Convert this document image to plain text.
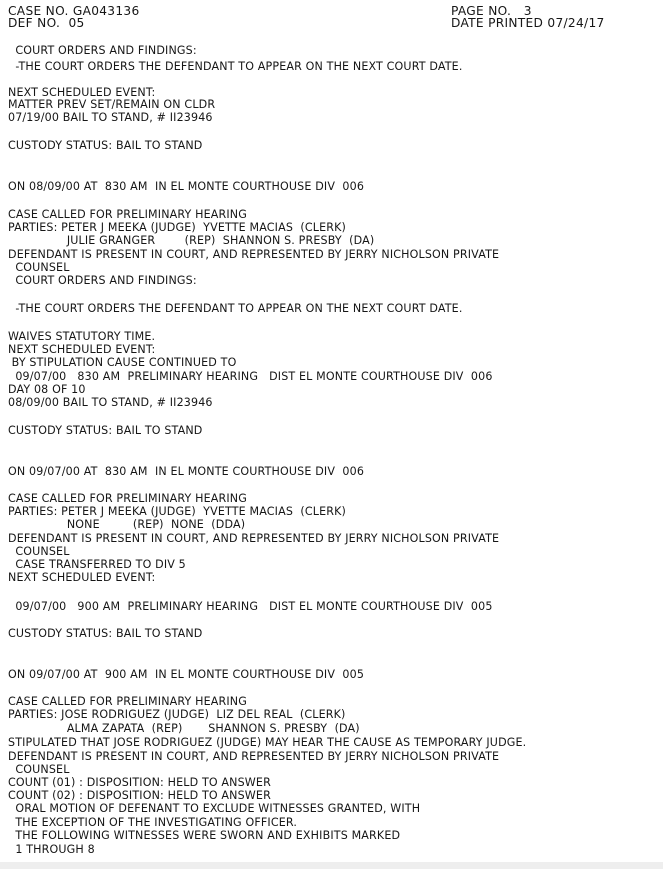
CASE NO. GA043136
DEF NO.  05
PAGE NO.   3
DATE PRINTED 07/24/17
COURT ORDERS AND FINDINGS:
-THE COURT ORDERS THE DEFENDANT TO APPEAR ON THE NEXT COURT DATE.
NEXT SCHEDULED EVENT:
MATTER PREV SET/REMAIN ON CLDR
07/19/00 BAIL TO STAND, # II23946
CUSTODY STATUS: BAIL TO STAND
ON 08/09/00 AT  830 AM  IN EL MONTE COURTHOUSE DIV  006
CASE CALLED FOR PRELIMINARY HEARING
PARTIES: PETER J MEEKA (JUDGE)  YVETTE MACIAS  (CLERK)
JULIE GRANGER        (REP)  SHANNON S. PRESBY  (DA)
DEFENDANT IS PRESENT IN COURT, AND REPRESENTED BY JERRY NICHOLSON PRIVATE
COUNSEL
COURT ORDERS AND FINDINGS:
-THE COURT ORDERS THE DEFENDANT TO APPEAR ON THE NEXT COURT DATE.
WAIVES STATUTORY TIME.
NEXT SCHEDULED EVENT:
BY STIPULATION CAUSE CONTINUED TO
09/07/00   830 AM  PRELIMINARY HEARING   DIST EL MONTE COURTHOUSE DIV  006
DAY 08 OF 10
08/09/00 BAIL TO STAND, # II23946
CUSTODY STATUS: BAIL TO STAND
ON 09/07/00 AT  830 AM  IN EL MONTE COURTHOUSE DIV  006
CASE CALLED FOR PRELIMINARY HEARING
PARTIES: PETER J MEEKA (JUDGE)  YVETTE MACIAS  (CLERK)
NONE         (REP)  NONE  (DDA)
DEFENDANT IS PRESENT IN COURT, AND REPRESENTED BY JERRY NICHOLSON PRIVATE
COUNSEL
CASE TRANSFERRED TO DIV 5
NEXT SCHEDULED EVENT:
09/07/00   900 AM  PRELIMINARY HEARING   DIST EL MONTE COURTHOUSE DIV  005
CUSTODY STATUS: BAIL TO STAND
ON 09/07/00 AT  900 AM  IN EL MONTE COURTHOUSE DIV  005
CASE CALLED FOR PRELIMINARY HEARING
PARTIES: JOSE RODRIGUEZ (JUDGE)  LIZ DEL REAL  (CLERK)
ALMA ZAPATA  (REP)       SHANNON S. PRESBY  (DA)
STIPULATED THAT JOSE RODRIGUEZ (JUDGE) MAY HEAR THE CAUSE AS TEMPORARY JUDGE.
DEFENDANT IS PRESENT IN COURT, AND REPRESENTED BY JERRY NICHOLSON PRIVATE
COUNSEL
COUNT (01) : DISPOSITION: HELD TO ANSWER
COUNT (02) : DISPOSITION: HELD TO ANSWER
ORAL MOTION OF DEFENANT TO EXCLUDE WITNESSES GRANTED, WITH
THE EXCEPTION OF THE INVESTIGATING OFFICER.
THE FOLLOWING WITNESSES WERE SWORN AND EXHIBITS MARKED
1 THROUGH 8
